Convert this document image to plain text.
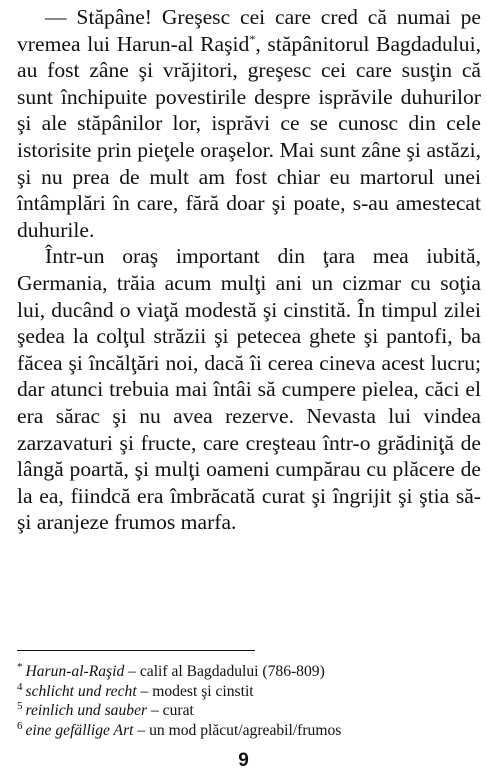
— Stăpâne! Greşesc cei care cred că numai pe vremea lui Harun-al Raşid*, stăpânitorul Bagdadului, au fost zâne şi vrăjitori, greşesc cei care susţin că sunt închipuite povestirile despre isprăvile duhurilor şi ale stăpânilor lor, isprăvi ce se cunosc din cele istorisite prin pieţele oraşelor. Mai sunt zâne şi astăzi, şi nu prea de mult am fost chiar eu martorul unei întâmplări în care, fără doar şi poate, s-au amestecat duhurile.

Într-un oraş important din ţara mea iubită, Germania, trăia acum mulţi ani un cizmar cu soţia lui, ducând o viaţă modestă şi cinstită. În timpul zilei şedea la colţul străzii şi petecea ghete şi pantofi, ba făcea şi încălţări noi, dacă îi cerea cineva acest lucru; dar atunci trebuia mai întâi să cumpere pielea, căci el era sărac şi nu avea rezerve. Nevasta lui vindea zarzavaturi şi fructe, care creşteau într-o grădiniţă de lângă poartă, şi mulţi oameni cumpărau cu plăcere de la ea, fiindcă era îmbrăcată curat şi îngrijit şi ştia să-şi aranjeze frumos marfa.

* Harun-al-Raşid – calif al Bagdadului (786-809)
$^4$ schlicht und recht – modest şi cinstit
$^5$ reinlich und sauber – curat
$^6$ eine gefällige Art – un mod plăcut/agreabil/frumos
9
